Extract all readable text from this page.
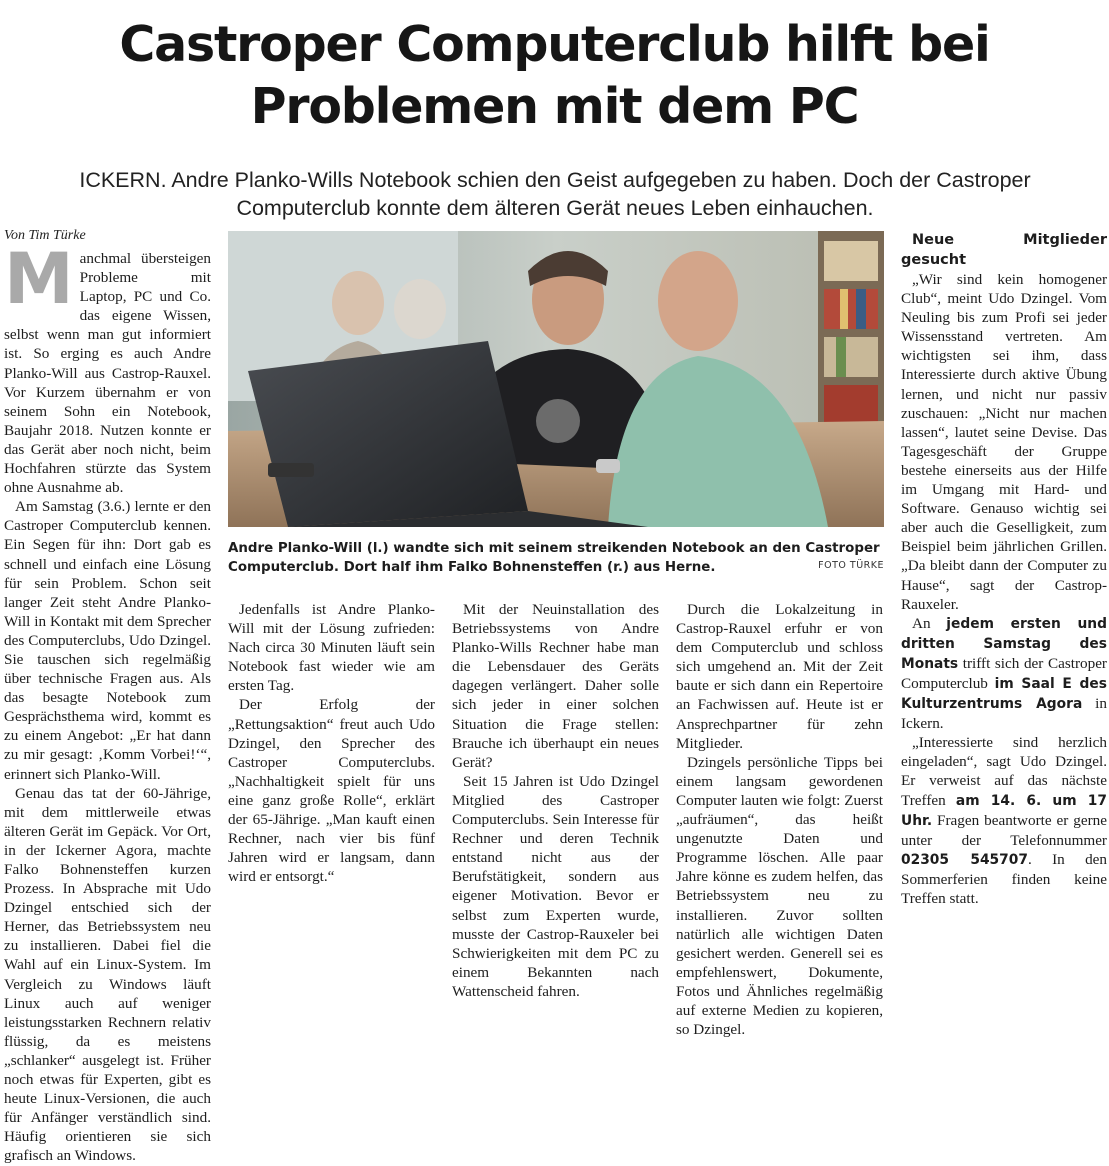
Castroper Computerclub hilft bei
Problemen mit dem PC

ICKERN. Andre Planko-Wills Notebook schien den Geist aufgegeben zu haben. Doch der Castroper Computerclub konnte dem älteren Gerät neues Leben einhauchen.

Von Tim Türke
Andre Planko-Will (l.) wandte sich mit seinem streikenden Notebook an den Castroper Computerclub. Dort half ihm Falko Bohnensteffen (r.) aus Herne.	FOTO TÜRKE

Manchmal übersteigen Probleme mit Laptop, PC und Co. das eigene Wissen, selbst wenn man gut informiert ist. So erging es auch Andre Planko-Will aus Castrop-Rauxel. Vor Kurzem übernahm er von seinem Sohn ein Notebook, Baujahr 2018. Nutzen konnte er das Gerät aber noch nicht, beim Hochfahren stürzte das System ohne Ausnahme ab.

Am Samstag (3.6.) lernte er den Castroper Computerclub kennen. Ein Segen für ihn: Dort gab es schnell und einfach eine Lösung für sein Problem. Schon seit langer Zeit steht Andre Planko-Will in Kontakt mit dem Sprecher des Computerclubs, Udo Dzingel. Sie tauschen sich regelmäßig über technische Fragen aus. Als das besagte Notebook zum Gesprächsthema wird, kommt es zu einem Angebot: „Er hat dann zu mir gesagt: ‚Komm Vorbei!‘“, erinnert sich Planko-Will.

Genau das tat der 60-Jährige, mit dem mittlerweile etwas älteren Gerät im Gepäck. Vor Ort, in der Ickerner Agora, machte Falko Bohnensteffen kurzen Prozess. In Absprache mit Udo Dzingel entschied sich der Herner, das Betriebssystem neu zu installieren. Dabei fiel die Wahl auf ein Linux-System. Im Vergleich zu Windows läuft Linux auch auf weniger leistungsstarken Rechnern relativ flüssig, da es meistens „schlanker“ ausgelegt ist. Früher noch etwas für Experten, gibt es heute Linux-Versionen, die auch für Anfänger verständlich sind. Häufig orientieren sie sich grafisch an Windows.

Jedenfalls ist Andre Planko-Will mit der Lösung zufrieden: Nach circa 30 Minuten läuft sein Notebook fast wieder wie am ersten Tag.

Der Erfolg der „Rettungsaktion“ freut auch Udo Dzingel, den Sprecher des Castroper Computerclubs. „Nachhaltigkeit spielt für uns eine ganz große Rolle“, erklärt der 65-Jährige. „Man kauft einen Rechner, nach vier bis fünf Jahren wird er langsam, dann wird er entsorgt.“

Mit der Neuinstallation des Betriebssystems von Andre Planko-Wills Rechner habe man die Lebensdauer des Geräts dagegen verlängert. Daher solle sich jeder in einer solchen Situation die Frage stellen: Brauche ich überhaupt ein neues Gerät?

Seit 15 Jahren ist Udo Dzingel Mitglied des Castroper Computerclubs. Sein Interesse für Rechner und deren Technik entstand nicht aus der Berufstätigkeit, sondern aus eigener Motivation. Bevor er selbst zum Experten wurde, musste der Castrop-Rauxeler bei Schwierigkeiten mit dem PC zu einem Bekannten nach Wattenscheid fahren.

Durch die Lokalzeitung in Castrop-Rauxel erfuhr er von dem Computerclub und schloss sich umgehend an. Mit der Zeit baute er sich dann ein Repertoire an Fachwissen auf. Heute ist er Ansprechpartner für zehn Mitglieder.

Dzingels persönliche Tipps bei einem langsam gewordenen Computer lauten wie folgt: Zuerst „aufräumen“, das heißt ungenutzte Daten und Programme löschen. Alle paar Jahre könne es zudem helfen, das Betriebssystem neu zu installieren. Zuvor sollten natürlich alle wichtigen Daten gesichert werden. Generell sei es empfehlenswert, Dokumente, Fotos und Ähnliches regelmäßig auf externe Medien zu kopieren, so Dzingel.

Neue Mitglieder gesucht

„Wir sind kein homogener Club“, meint Udo Dzingel. Vom Neuling bis zum Profi sei jeder Wissensstand vertreten. Am wichtigsten sei ihm, dass Interessierte durch aktive Übung lernen, und nicht nur passiv zuschauen: „Nicht nur machen lassen“, lautet seine Devise. Das Tagesgeschäft der Gruppe bestehe einerseits aus der Hilfe im Umgang mit Hard- und Software. Genauso wichtig sei aber auch die Geselligkeit, zum Beispiel beim jährlichen Grillen. „Da bleibt dann der Computer zu Hause“, sagt der Castrop-Rauxeler.

An jedem ersten und dritten Samstag des Monats trifft sich der Castroper Computerclub im Saal E des Kulturzentrums Agora in Ickern.

„Interessierte sind herzlich eingeladen“, sagt Udo Dzingel. Er verweist auf das nächste Treffen am 14. 6. um 17 Uhr. Fragen beantworte er gerne unter der Telefonnummer 02305 545707. In den Sommerferien finden keine Treffen statt.
